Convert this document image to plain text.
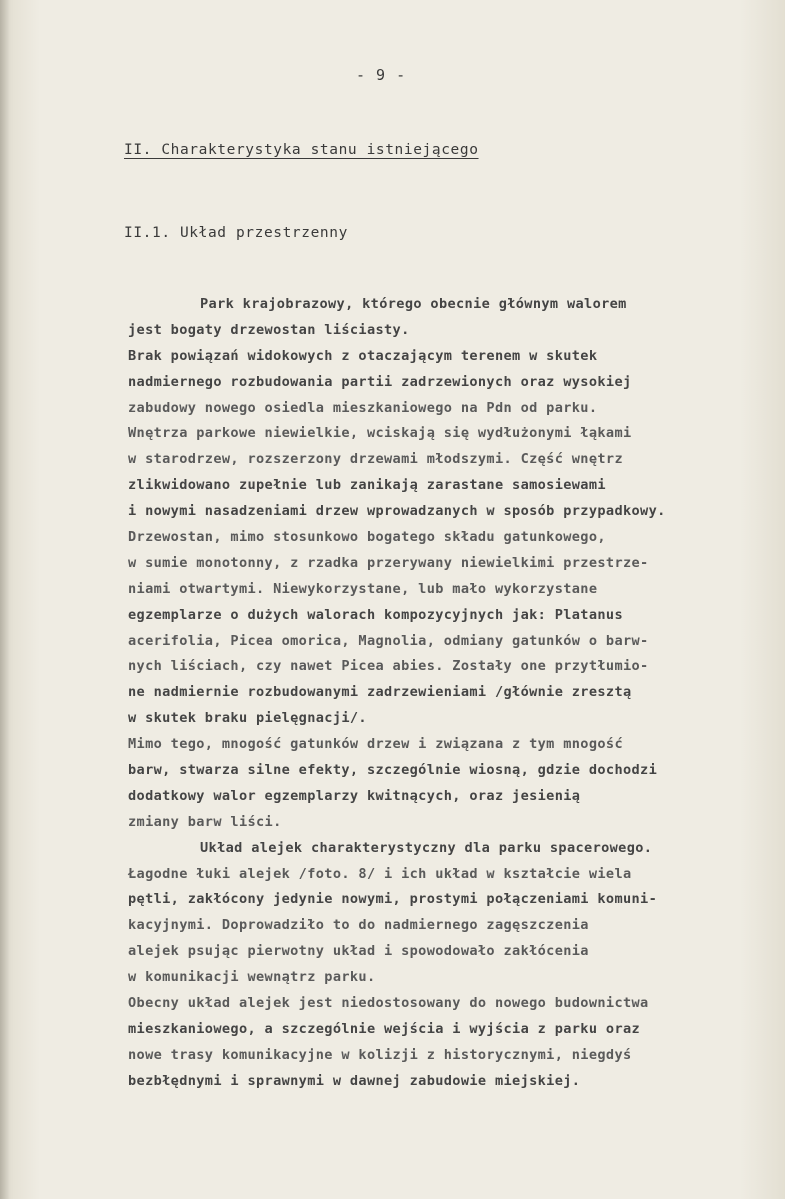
- 9 -
II. Charakterystyka stanu istniejącego
II.1. Układ przestrzenny
Park krajobrazowy, którego obecnie głównym walorem
jest bogaty drzewostan liściasty.
Brak powiązań widokowych z otaczającym terenem w skutek
nadmiernego rozbudowania partii zadrzewionych oraz wysokiej
zabudowy nowego osiedla mieszkaniowego na Pdn od parku.
Wnętrza parkowe niewielkie, wciskają się wydłużonymi łąkami
w starodrzew, rozszerzony drzewami młodszymi. Część wnętrz
zlikwidowano zupełnie lub zanikają zarastane samosiewami
i nowymi nasadzeniami drzew wprowadzanych w sposób przypadkowy.
Drzewostan, mimo stosunkowo bogatego składu gatunkowego,
w sumie monotonny, z rzadka przerywany niewielkimi przestrze-
niami otwartymi. Niewykorzystane, lub mało wykorzystane
egzemplarze o dużych walorach kompozycyjnych jak: Platanus
acerifolia, Picea omorica, Magnolia, odmiany gatunków o barw-
nych liściach, czy nawet Picea abies. Zostały one przytłumio-
ne nadmiernie rozbudowanymi zadrzewieniami /głównie zresztą
w skutek braku pielęgnacji/.
Mimo tego, mnogość gatunków drzew i związana z tym mnogość
barw, stwarza silne efekty, szczególnie wiosną, gdzie dochodzi
dodatkowy walor egzemplarzy kwitnących, oraz jesienią
zmiany barw liści.
Układ alejek charakterystyczny dla parku spacerowego.
Łagodne łuki alejek /foto. 8/ i ich układ w kształcie wiela
pętli, zakłócony jedynie nowymi, prostymi połączeniami komuni-
kacyjnymi. Doprowadziło to do nadmiernego zagęszczenia
alejek psując pierwotny układ i spowodowało zakłócenia
w komunikacji wewnątrz parku.
Obecny układ alejek jest niedostosowany do nowego budownictwa
mieszkaniowego, a szczególnie wejścia i wyjścia z parku oraz
nowe trasy komunikacyjne w kolizji z historycznymi, niegdyś
bezbłędnymi i sprawnymi w dawnej zabudowie miejskiej.
